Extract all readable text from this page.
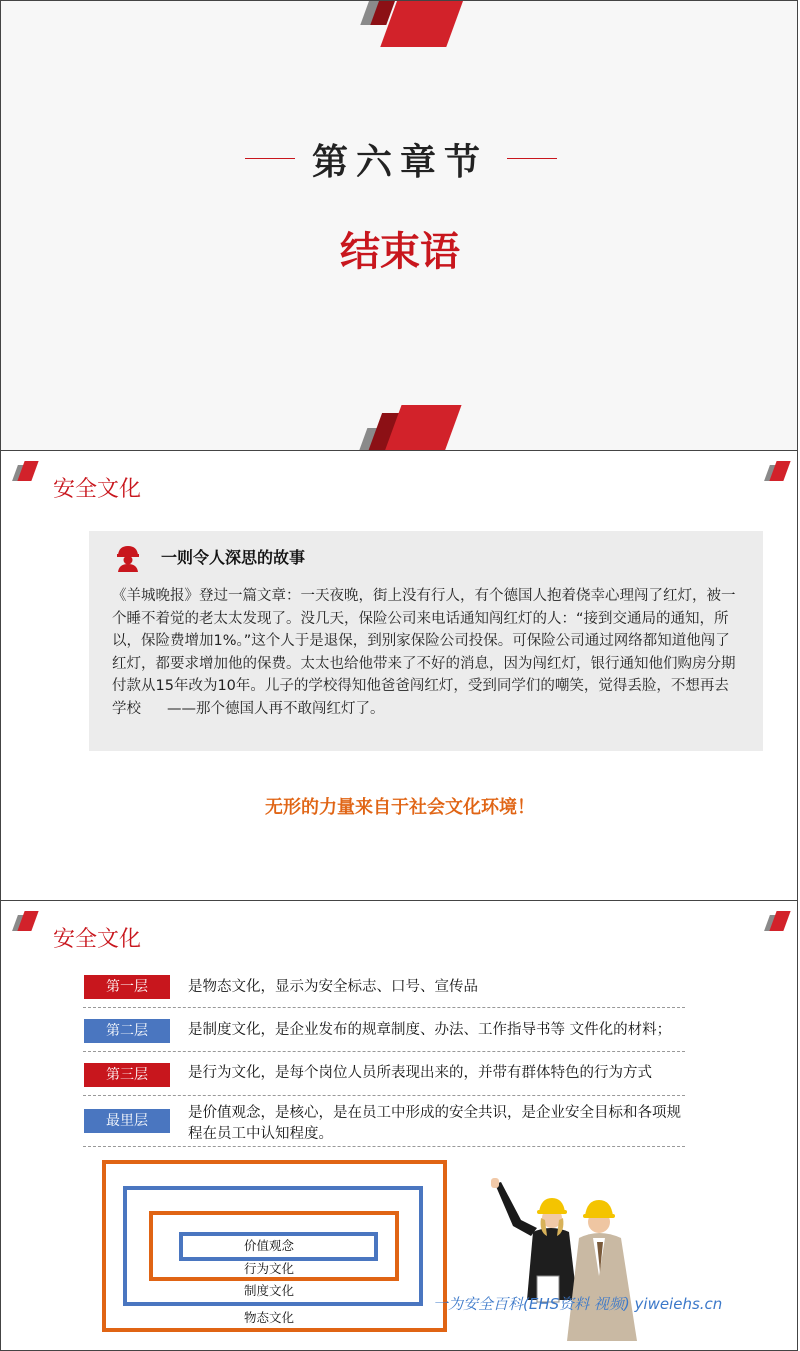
第六章节
结束语
安全文化
一则令人深思的故事
《羊城晚报》登过一篇文章：一天夜晚，街上没有行人，有个德国人抱着侥幸心理闯了红灯，被一个睡不着觉的老太太发现了。没几天，保险公司来电话通知闯红灯的人：“接到交通局的通知，所以，保险费增加1%。”这个人于是退保，到别家保险公司投保。可保险公司通过网络都知道他闯了红灯，都要求增加他的保费。太太也给他带来了不好的消息，因为闯红灯，银行通知他们购房分期付款从15年改为10年。儿子的学校得知他爸爸闯红灯，受到同学们的嘲笑，觉得丢脸，不想再去学校 ——那个德国人再不敢闯红灯了。
无形的力量来自于社会文化环境！
安全文化
第一层	是物态文化，显示为安全标志、口号、宣传品
第二层	是制度文化，是企业发布的规章制度、办法、工作指导书等 文件化的材料；
第三层	是行为文化，是每个岗位人员所表现出来的，并带有群体特色的行为方式
最里层	是价值观念，是核心，是在员工中形成的安全共识，是企业安全目标和各项规程在员工中认知程度。
价值观念
行为文化
制度文化
物态文化
一为安全百科(EHS资料 视频) yiweiehs.cn
